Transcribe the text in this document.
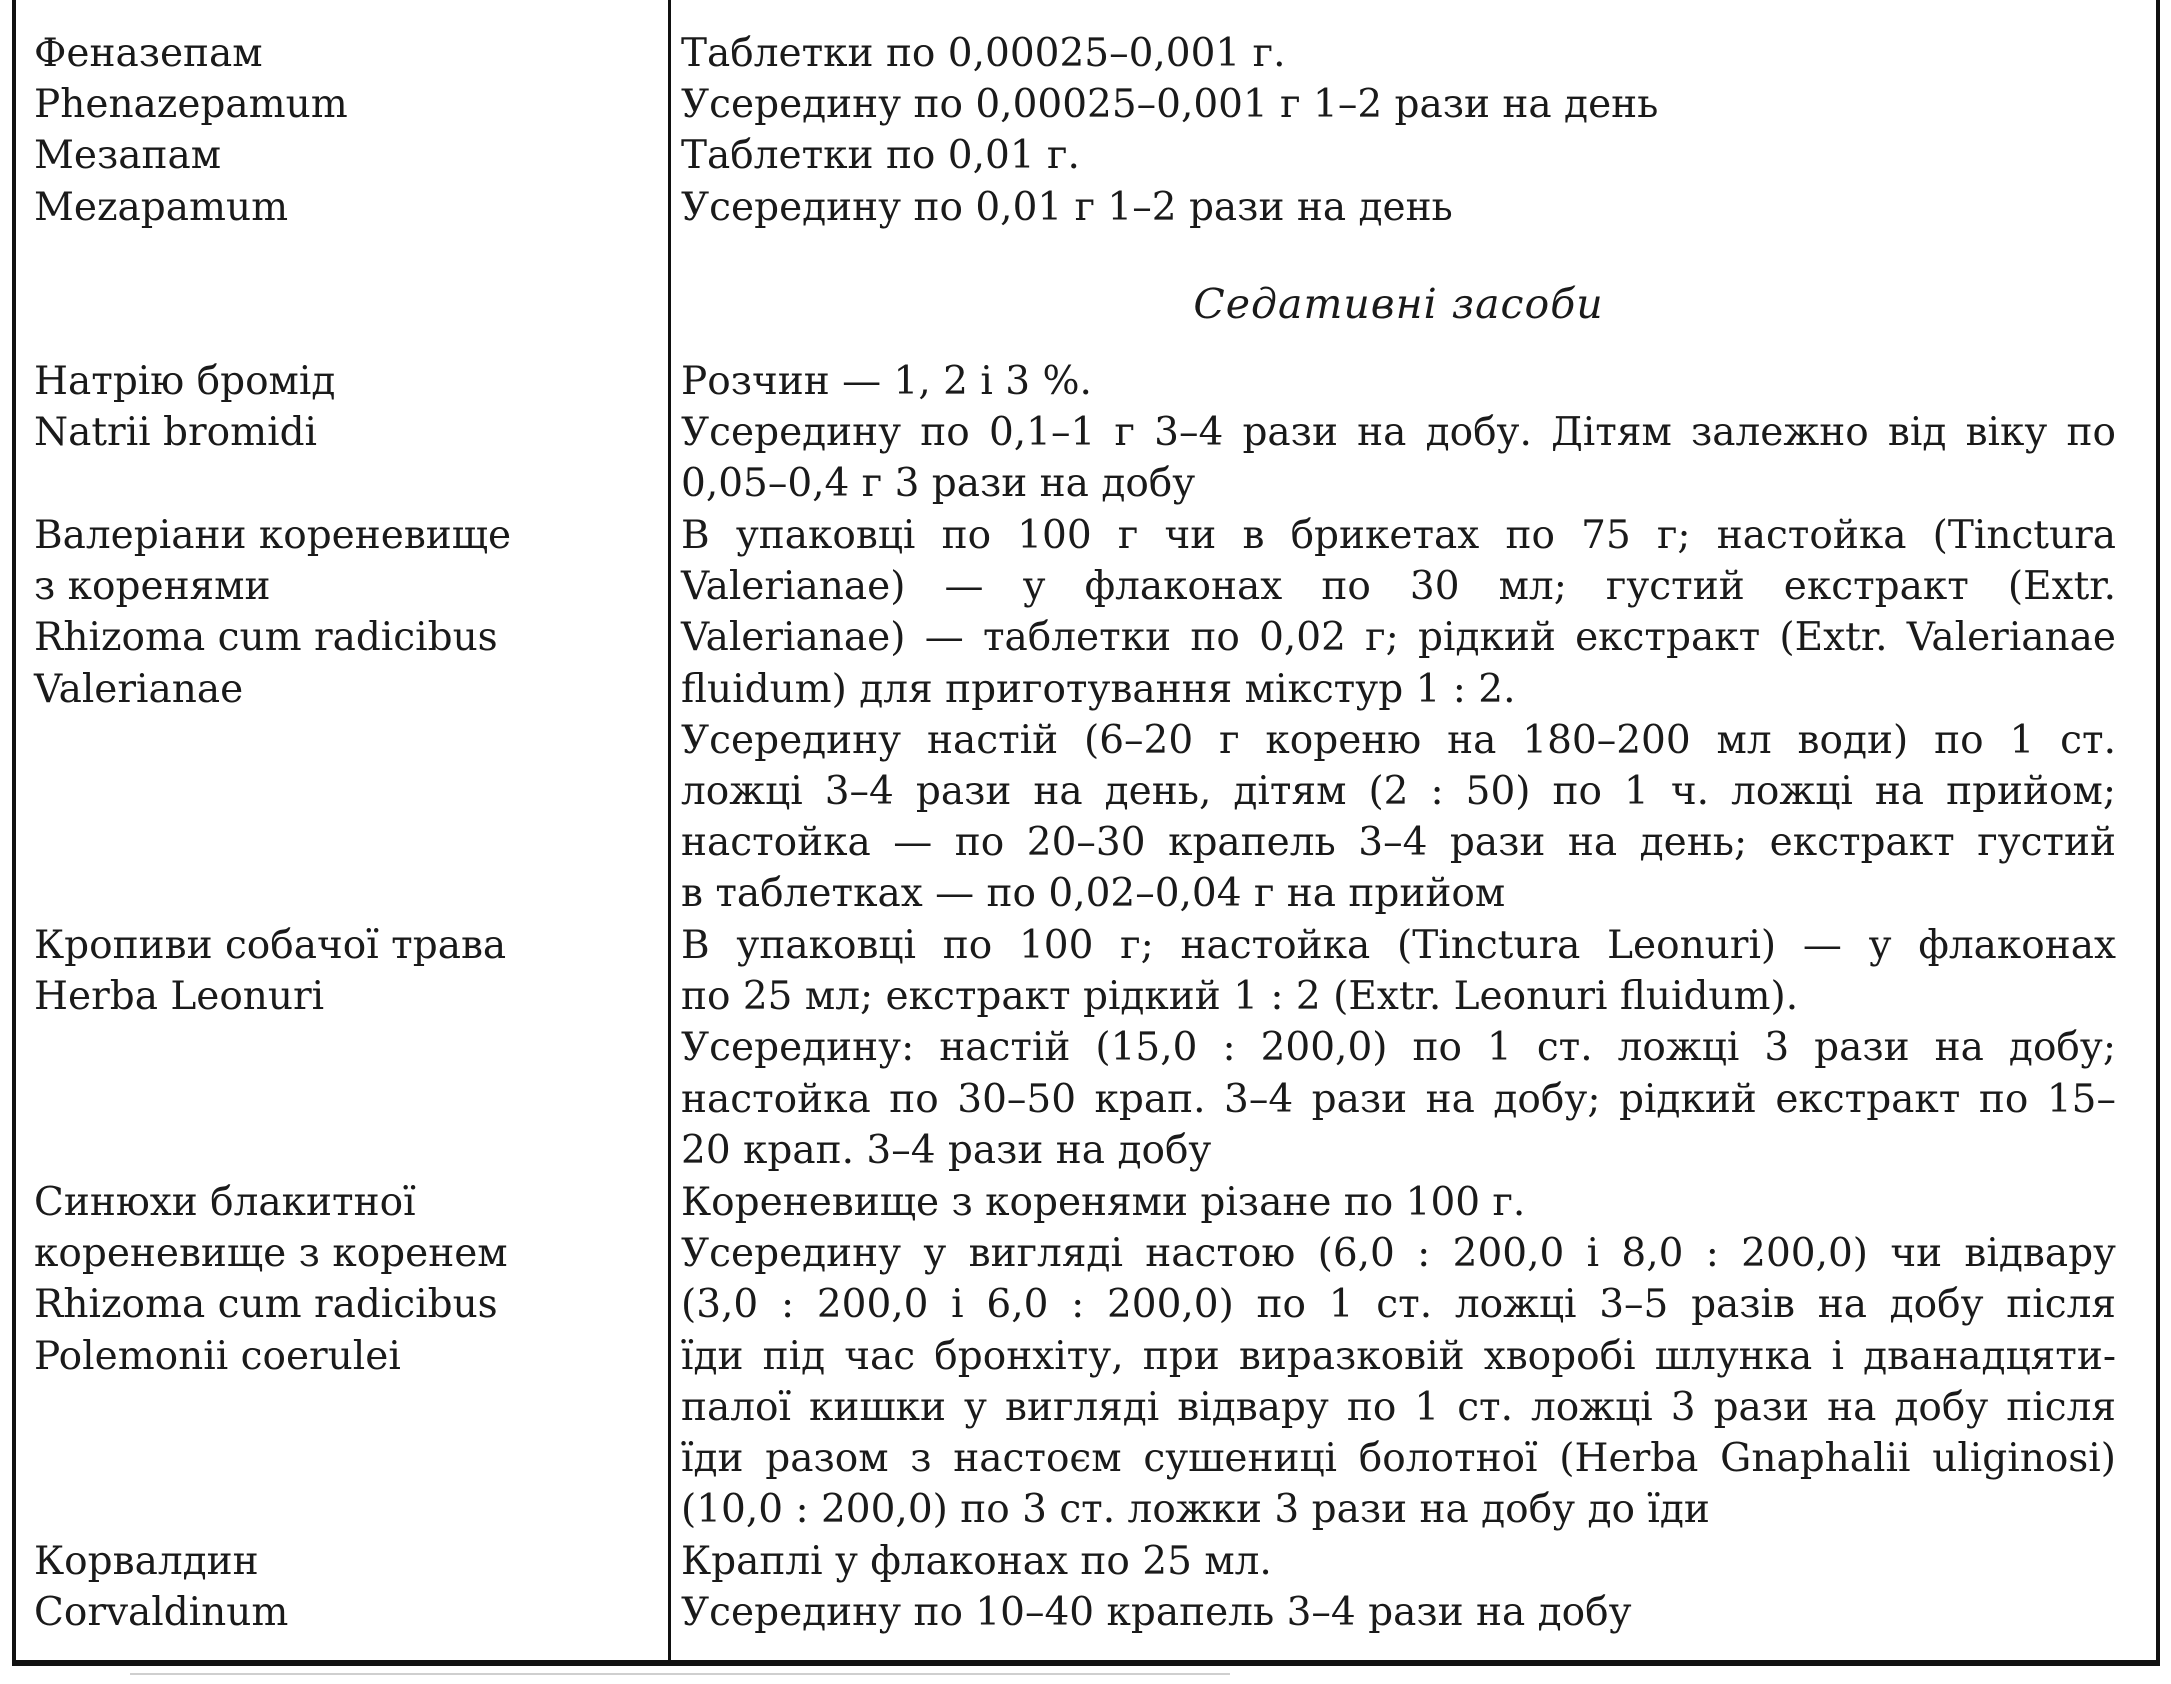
Феназепам
Phenazepamum
Мезапам
Mezapamum
Таблетки по 0,00025–0,001 г.
Усередину по 0,00025–0,001 г 1–2 рази на день
Таблетки по 0,01 г.
Усередину по 0,01 г 1–2 рази на день
Седативні засоби
Натрію бромід
Natrii bromidi
Розчин — 1, 2 і 3 %.
Усередину по 0,1–1 г 3–4 рази на добу. Дітям залежно від віку по
0,05–0,4 г 3 рази на добу
Валеріани кореневище
з коренями
Rhizoma cum radicibus
Valerianae
В упаковці по 100 г чи в брикетах по 75 г; настойка (Tinctura
Valerianae) — у флаконах по 30 мл; густий екстракт (Extr.
Valerianae) — таблетки по 0,02 г; рідкий екстракт (Extr. Valerianae
fluidum) для приготування мікстур 1 : 2.
Усередину настій (6–20 г кореню на 180–200 мл води) по 1 ст.
ложці 3–4 рази на день, дітям (2 : 50) по 1 ч. ложці на прийом;
настойка — по 20–30 крапель 3–4 рази на день; екстракт густий
в таблетках — по 0,02–0,04 г на прийом
Кропиви собачої трава
Herba Leonuri
В упаковці по 100 г; настойка (Tinctura Leonuri) — у флаконах
по 25 мл; екстракт рідкий 1 : 2 (Extr. Leonuri fluidum).
Усередину: настій (15,0 : 200,0) по 1 ст. ложці 3 рази на добу;
настойка по 30–50 крап. 3–4 рази на добу; рідкий екстракт по 15–
20 крап. 3–4 рази на добу
Синюхи блакитної
кореневище з коренем
Rhizoma cum radicibus
Polemonii coerulei
Кореневище з коренями різане по 100 г.
Усередину у вигляді настою (6,0 : 200,0 і 8,0 : 200,0) чи відвару
(3,0 : 200,0 і 6,0 : 200,0) по 1 ст. ложці 3–5 разів на добу після
їди під час бронхіту, при виразковій хворобі шлунка і дванадцяти-
палої кишки у вигляді відвару по 1 ст. ложці 3 рази на добу після
їди разом з настоєм сушениці болотної (Herba Gnaphalii uliginosi)
(10,0 : 200,0) по 3 ст. ложки 3 рази на добу до їди
Корвалдин
Corvaldinum
Краплі у флаконах по 25 мл.
Усередину по 10–40 крапель 3–4 рази на добу
